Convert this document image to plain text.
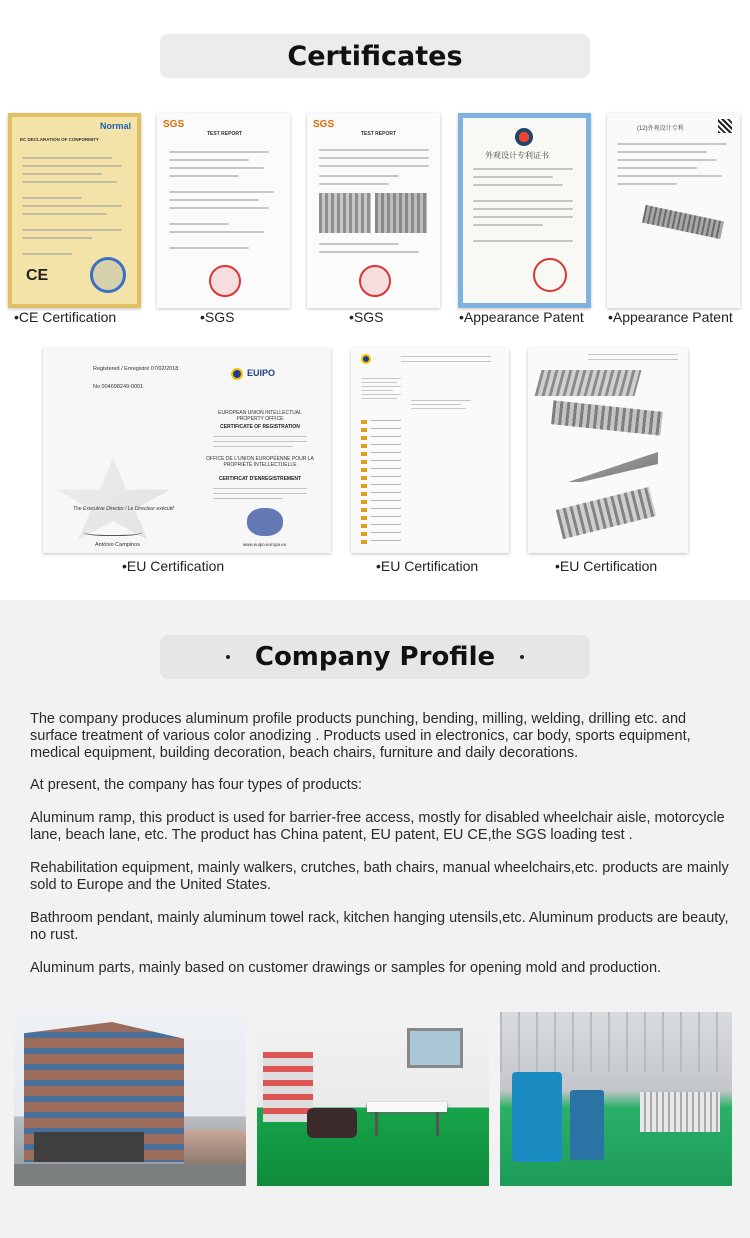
Certificates
Normal
EC DECLARATION OF CONFORMITY
CE
•CE Certification
SGS
TEST REPORT
•SGS
SGS
TEST REPORT
•SGS
外观设计专利证书
•Appearance Patent
(12)外观设计专利
•Appearance Patent
Registered / Enregistré 07/02/2018
No 004698249-0001
EUIPO
EUROPEAN UNION INTELLECTUAL PROPERTY OFFICE
CERTIFICATE OF REGISTRATION
OFFICE DE L'UNION EUROPÉENNE POUR LA PROPRIÉTÉ INTELLECTUELLE
CERTIFICAT D'ENREGISTREMENT
The Executive Director / Le Directeur exécutif
António Campinos	www.euipo.europa.eu
•EU Certification	•EU Certification	•EU Certification
Company Profile

The company produces aluminum profile products punching, bending, milling, welding, drilling etc. and surface treatment of various color anodizing . Products used in electronics, car body, sports equipment, medical equipment, building decoration, beach chairs, furniture and daily decorations.

At present, the company has four types of products:

Aluminum ramp, this product is used for barrier-free access, mostly for disabled wheelchair aisle, motorcycle lane, beach lane, etc. The product has China patent, EU patent, EU CE,the SGS loading test .

Rehabilitation equipment, mainly walkers, crutches, bath chairs, manual wheelchairs,etc. products are mainly sold to Europe and the United States.

Bathroom pendant, mainly aluminum towel rack, kitchen hanging utensils,etc. Aluminum products are beauty, no rust.

Aluminum parts, mainly based on customer drawings or samples for opening mold and production.
